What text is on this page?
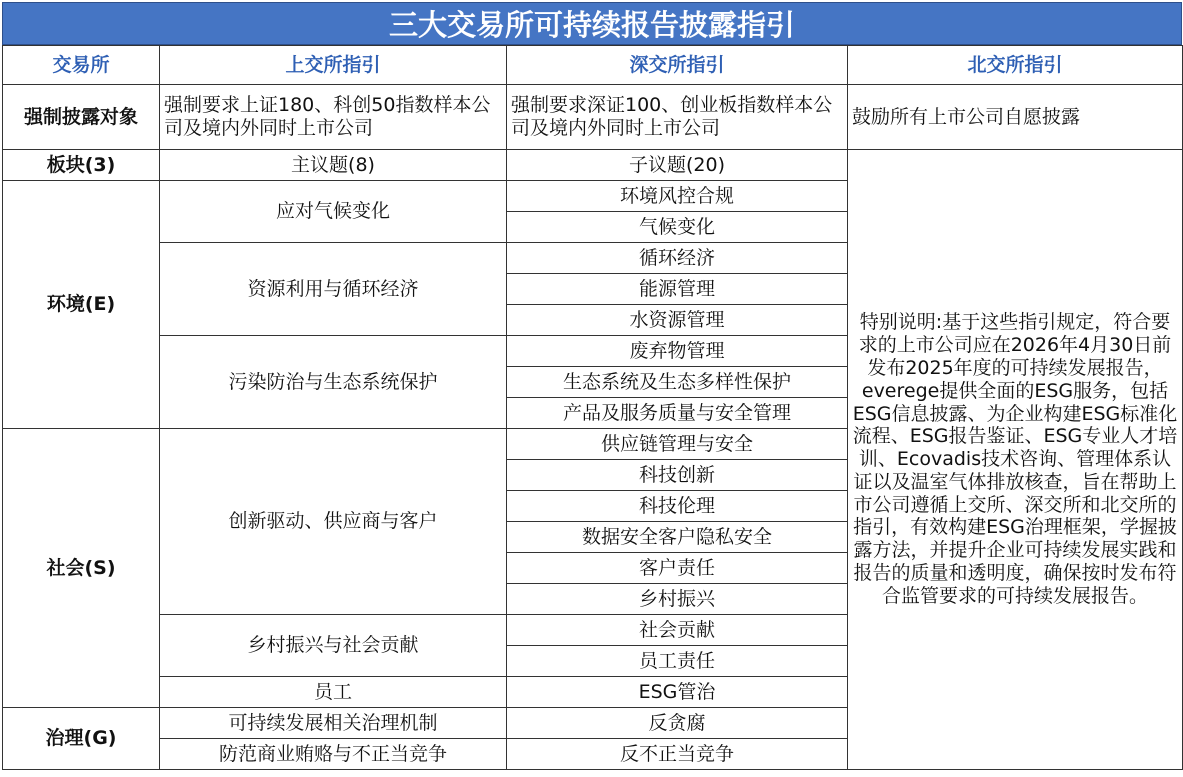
三大交易所可持续报告披露指引
交易所	上交所指引	深交所指引	北交所指引	
强制披露对象	强制要求上证180、科创50指数样本公司及境内外同时上市公司	强制要求深证100、创业板指数样本公司及境内外同时上市公司	鼓励所有上市公司自愿披露	
板块(3)	主议题(8)	子议题(20)	特别说明:基于这些指引规定，符合要求的上市公司应在2026年4月30日前发布2025年度的可持续发展报告，everege提供全面的ESG服务，包括ESG信息披露、为企业构建ESG标准化流程、ESG报告鉴证、ESG专业人才培训、Ecovadis技术咨询、管理体系认证以及温室气体排放核查，旨在帮助上市公司遵循上交所、深交所和北交所的指引，有效构建ESG治理框架，学握披露方法，并提升企业可持续发展实践和报告的质量和透明度，确保按时发布符合监管要求的可持续发展报告。	
环境(E)	应对气候变化	环境风控合规		
		气候变化		
	资源利用与循环经济	循环经济		
		能源管理		
		水资源管理		
	污染防治与生态系统保护	废弃物管理		
		生态系统及生态多样性保护		
		产品及服务质量与安全管理		
社会(S)	创新驱动、供应商与客户	供应链管理与安全		
		科技创新		
		科技伦理		
		数据安全客户隐私安全		
		客户责任		
		乡村振兴		
	乡村振兴与社会贡献	社会贡献		
		员工责任		
	员工	ESG管治		
治理(G)	可持续发展相关治理机制	反贪腐		
	防范商业贿赂与不正当竞争	反不正当竞争		
